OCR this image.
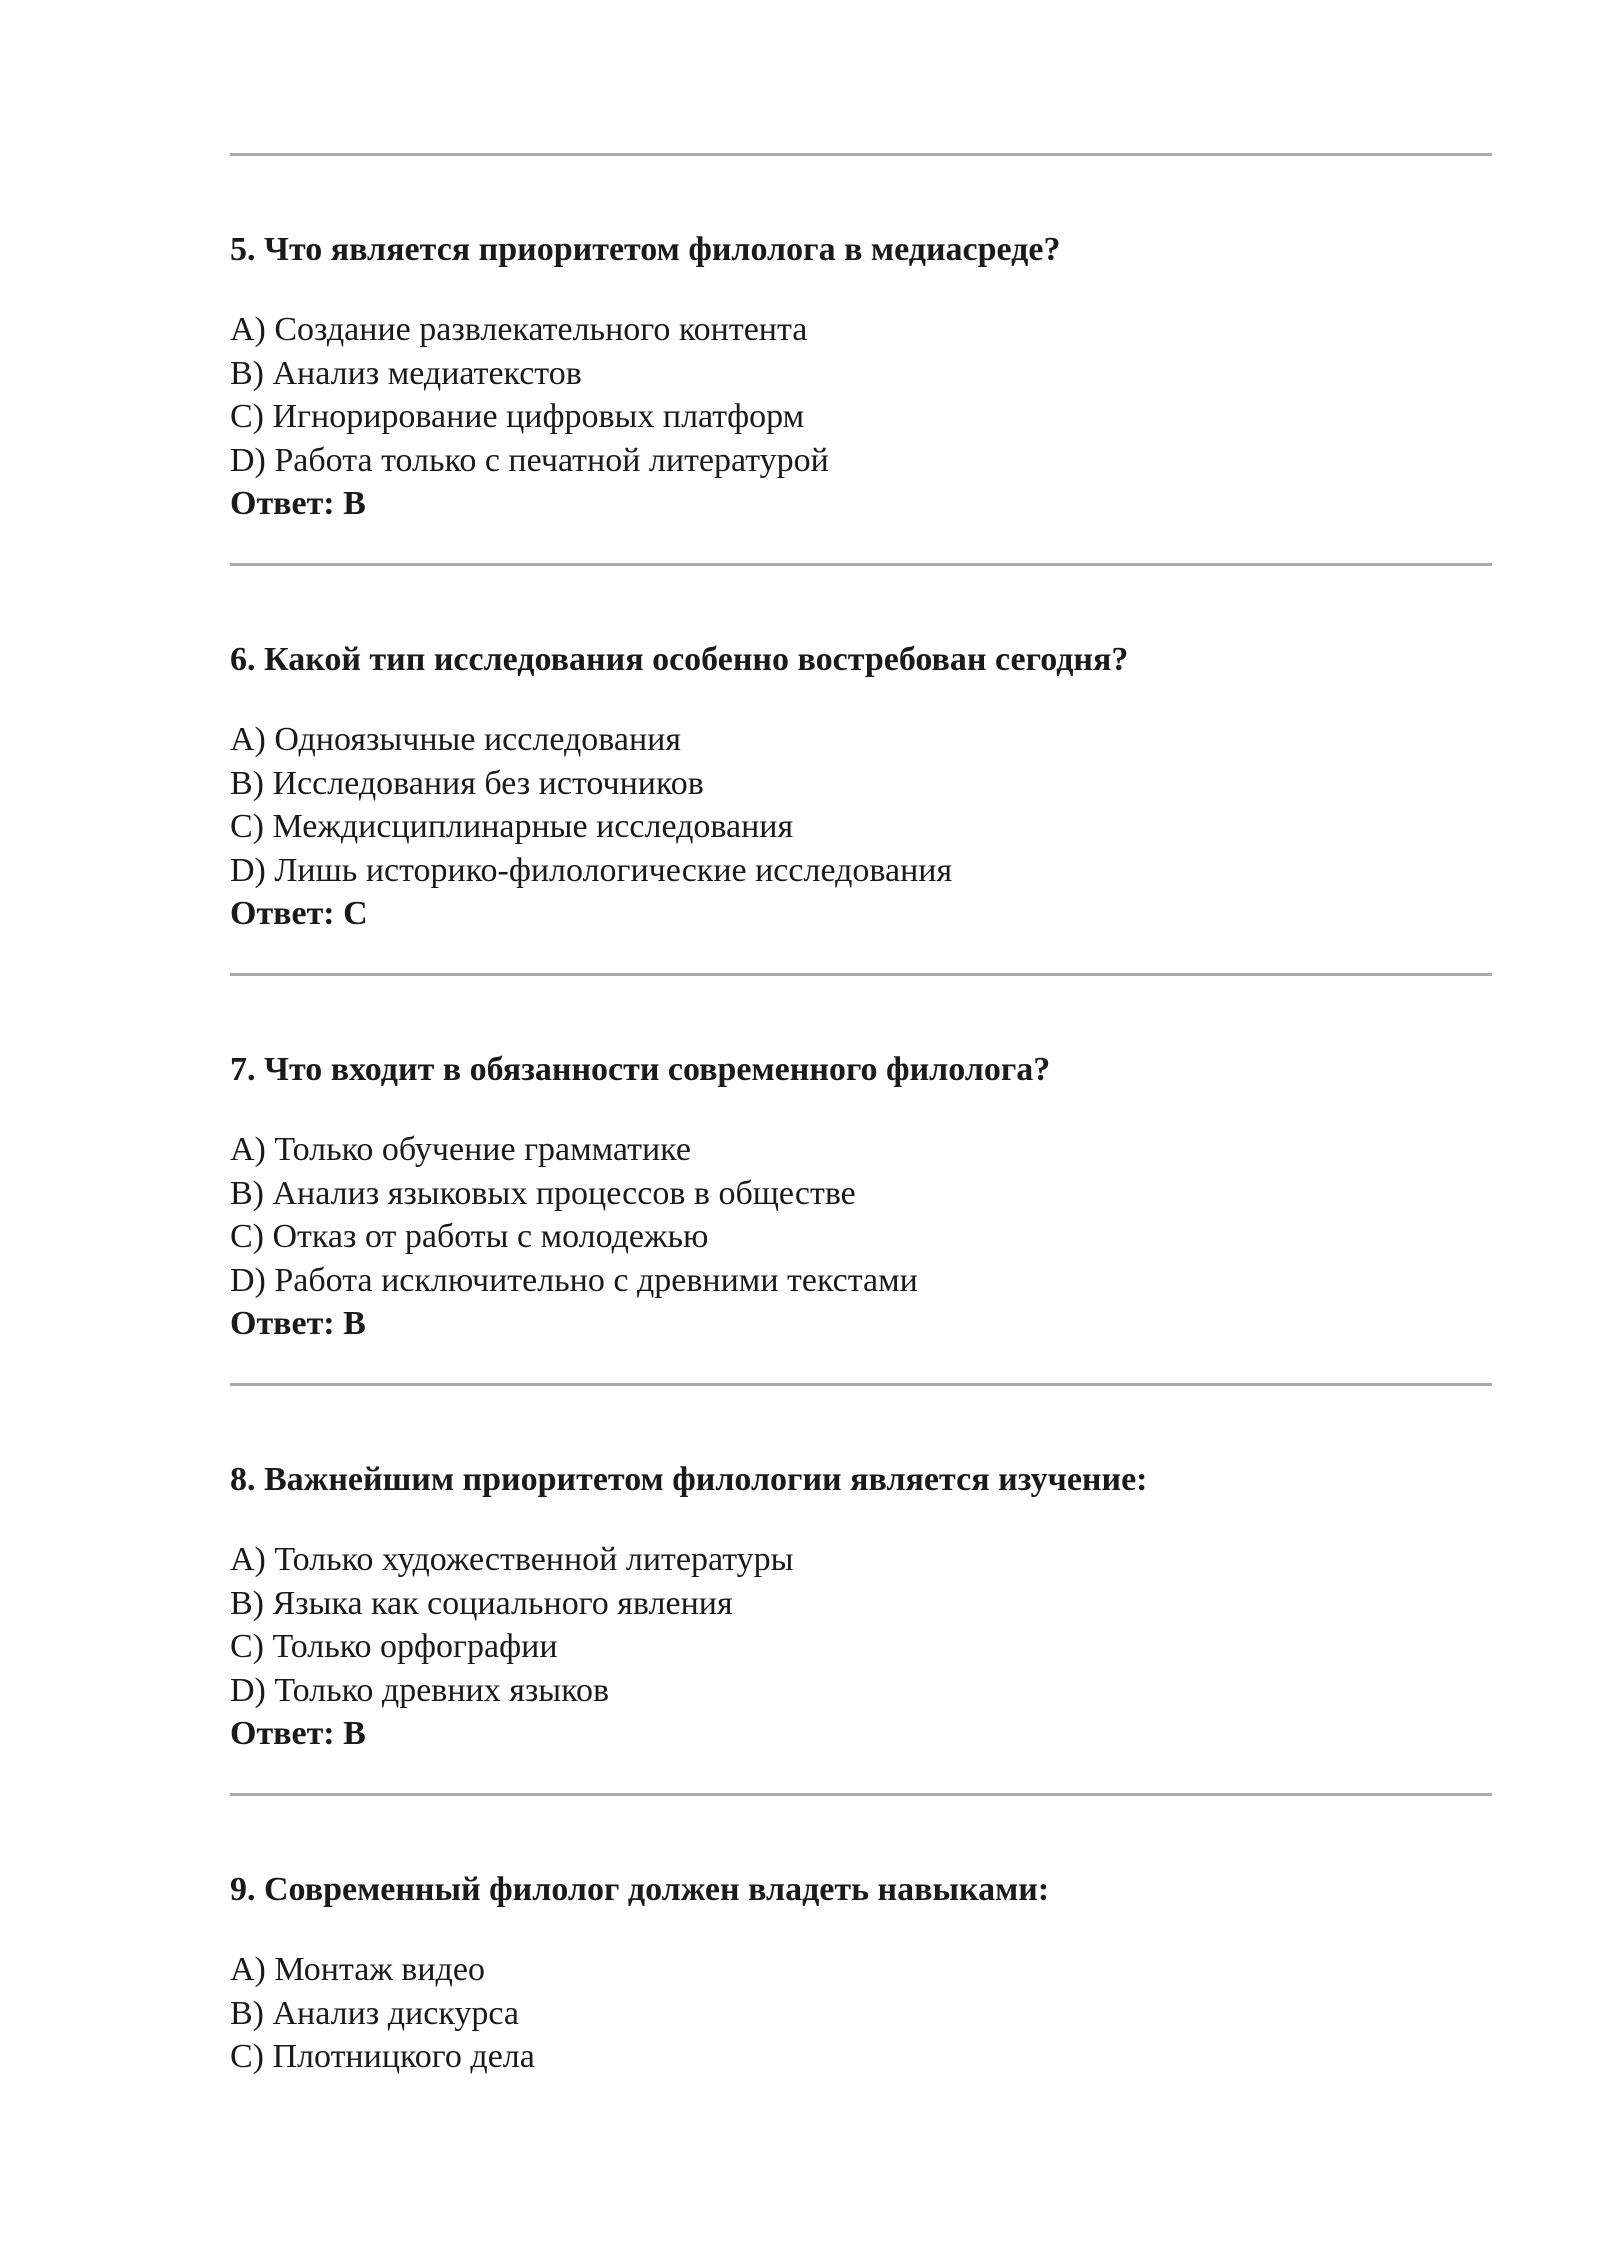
5. Что является приоритетом филолога в медиасреде?

A) Создание развлекательного контента
B) Анализ медиатекстов
C) Игнорирование цифровых платформ
D) Работа только с печатной литературой
Ответ: B

6. Какой тип исследования особенно востребован сегодня?

A) Одноязычные исследования
B) Исследования без источников
C) Междисциплинарные исследования
D) Лишь историко-филологические исследования
Ответ: C

7. Что входит в обязанности современного филолога?

A) Только обучение грамматике
B) Анализ языковых процессов в обществе
C) Отказ от работы с молодежью
D) Работа исключительно с древними текстами
Ответ: B

8. Важнейшим приоритетом филологии является изучение:

A) Только художественной литературы
B) Языка как социального явления
C) Только орфографии
D) Только древних языков
Ответ: B

9. Современный филолог должен владеть навыками:

A) Монтаж видео
B) Анализ дискурса
C) Плотницкого дела
